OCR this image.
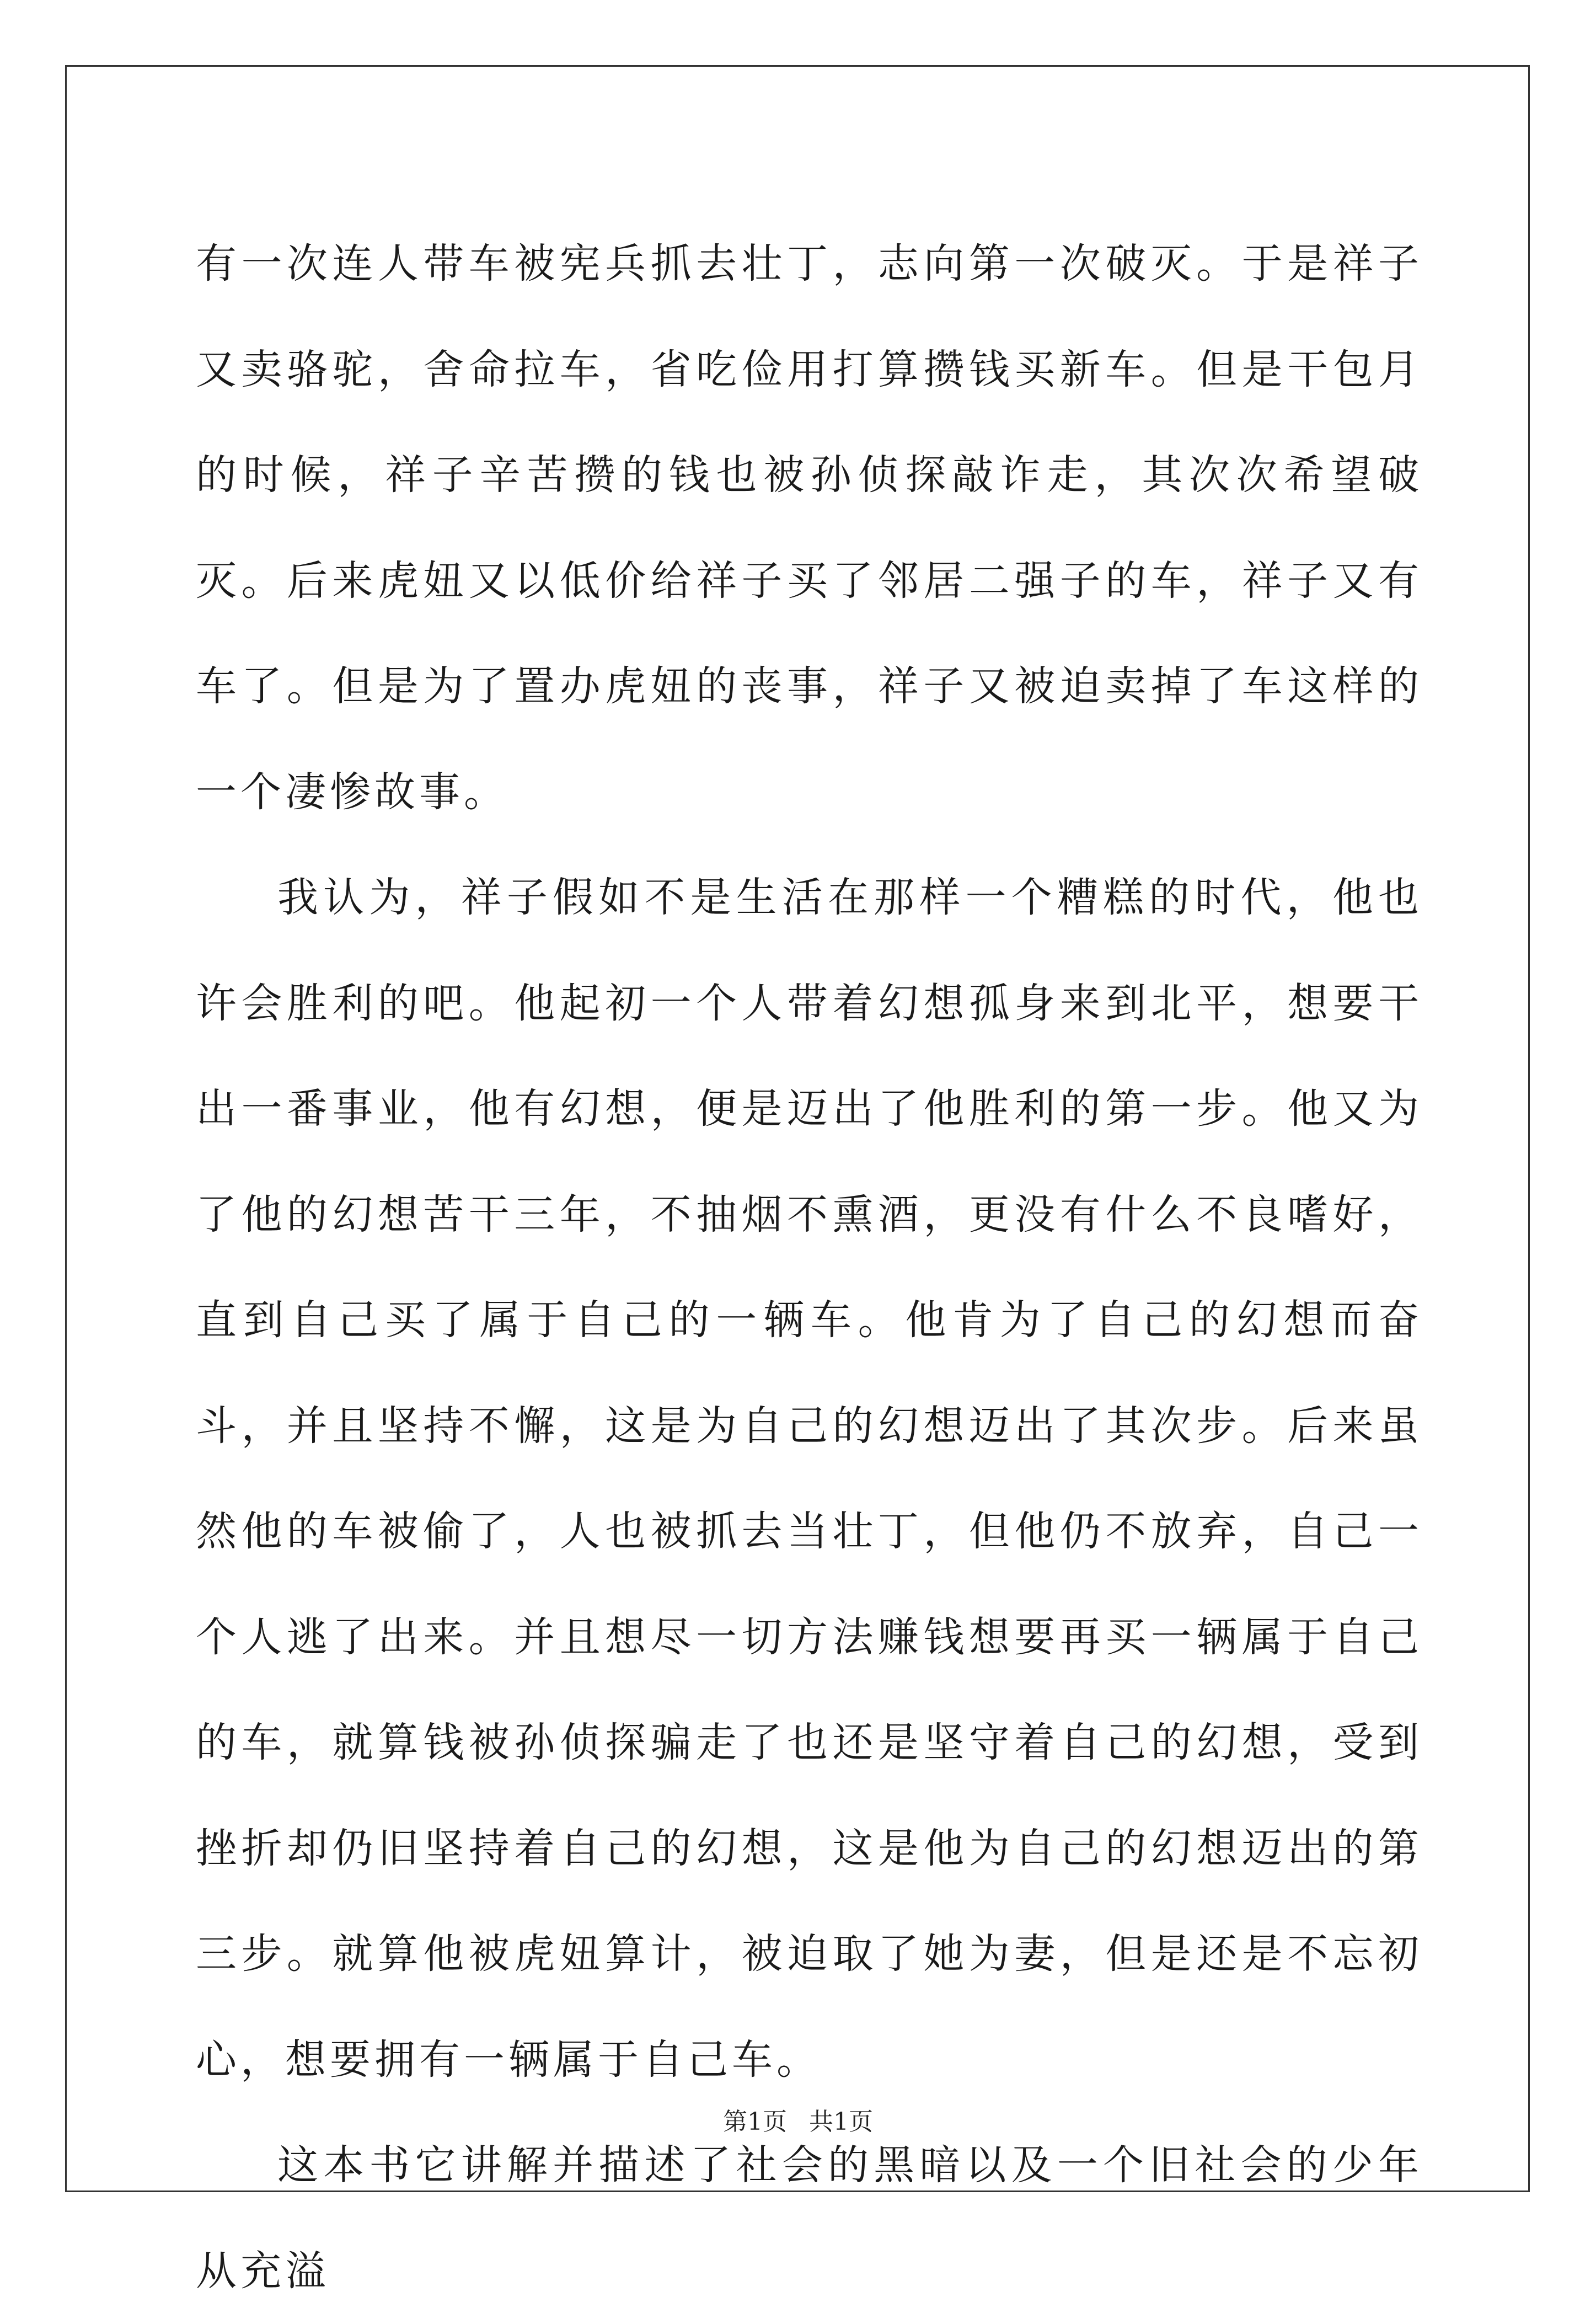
有一次连人带车被宪兵抓去壮丁，志向第一次破灭。于是祥子又卖骆驼，舍命拉车，省吃俭用打算攒钱买新车。但是干包月的时候，祥子辛苦攒的钱也被孙侦探敲诈走，其次次希望破灭。后来虎妞又以低价给祥子买了邻居二强子的车，祥子又有车了。但是为了置办虎妞的丧事，祥子又被迫卖掉了车这样的一个凄惨故事。

我认为，祥子假如不是生活在那样一个糟糕的时代，他也许会胜利的吧。他起初一个人带着幻想孤身来到北平，想要干出一番事业，他有幻想，便是迈出了他胜利的第一步。他又为了他的幻想苦干三年，不抽烟不熏酒，更没有什么不良嗜好，直到自己买了属于自己的一辆车。他肯为了自己的幻想而奋斗，并且坚持不懈，这是为自己的幻想迈出了其次步。后来虽然他的车被偷了，人也被抓去当壮丁，但他仍不放弃，自己一个人逃了出来。并且想尽一切方法赚钱想要再买一辆属于自己的车，就算钱被孙侦探骗走了也还是坚守着自己的幻想，受到挫折却仍旧坚持着自己的幻想，这是他为自己的幻想迈出的第三步。就算他被虎妞算计，被迫取了她为妻，但是还是不忘初心，想要拥有一辆属于自己车。

这本书它讲解并描述了社会的黑暗以及一个旧社会的少年从充溢

第1页 共1页
